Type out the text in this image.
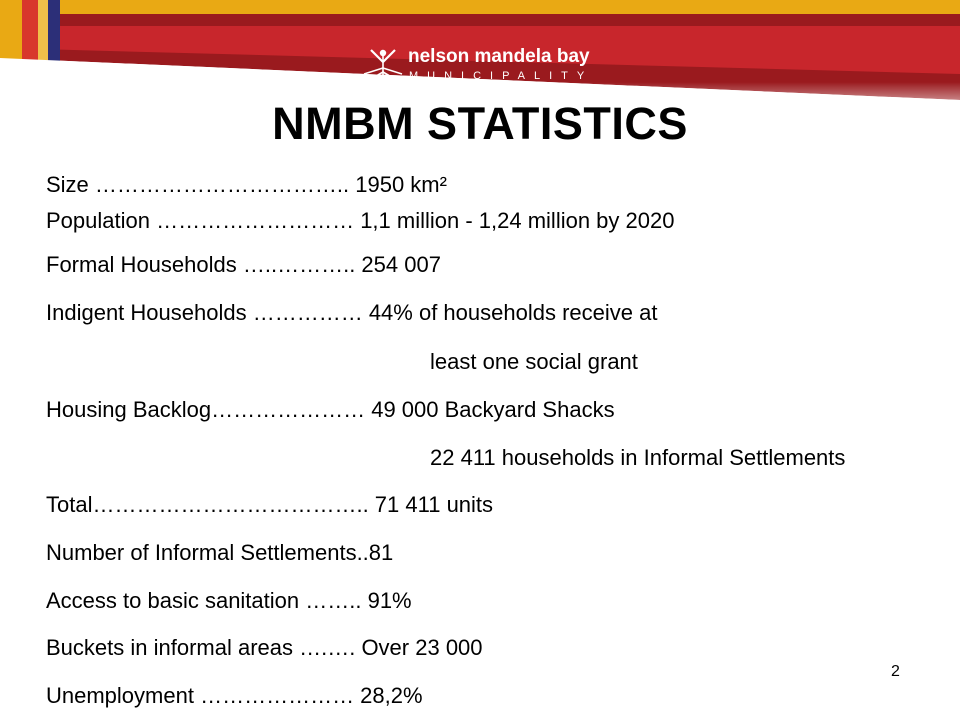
nelson mandela bay
MUNICIPALITY
NMBM STATISTICS
Size …………………………….. 1950 km²
Population ……………………… 1,1 million - 1,24 million by 2020
Formal Households …..……….. 254 007
Indigent Households …………… 44% of households receive at
least one social grant
Housing Backlog………………… 49 000 Backyard Shacks
22 411 households in Informal Settlements
Total……………………………….. 71 411 units
Number of Informal Settlements..81
Access to basic sanitation …….. 91%
Buckets in informal areas ….…. Over 23 000
Unemployment ………………… 28,2%
2
